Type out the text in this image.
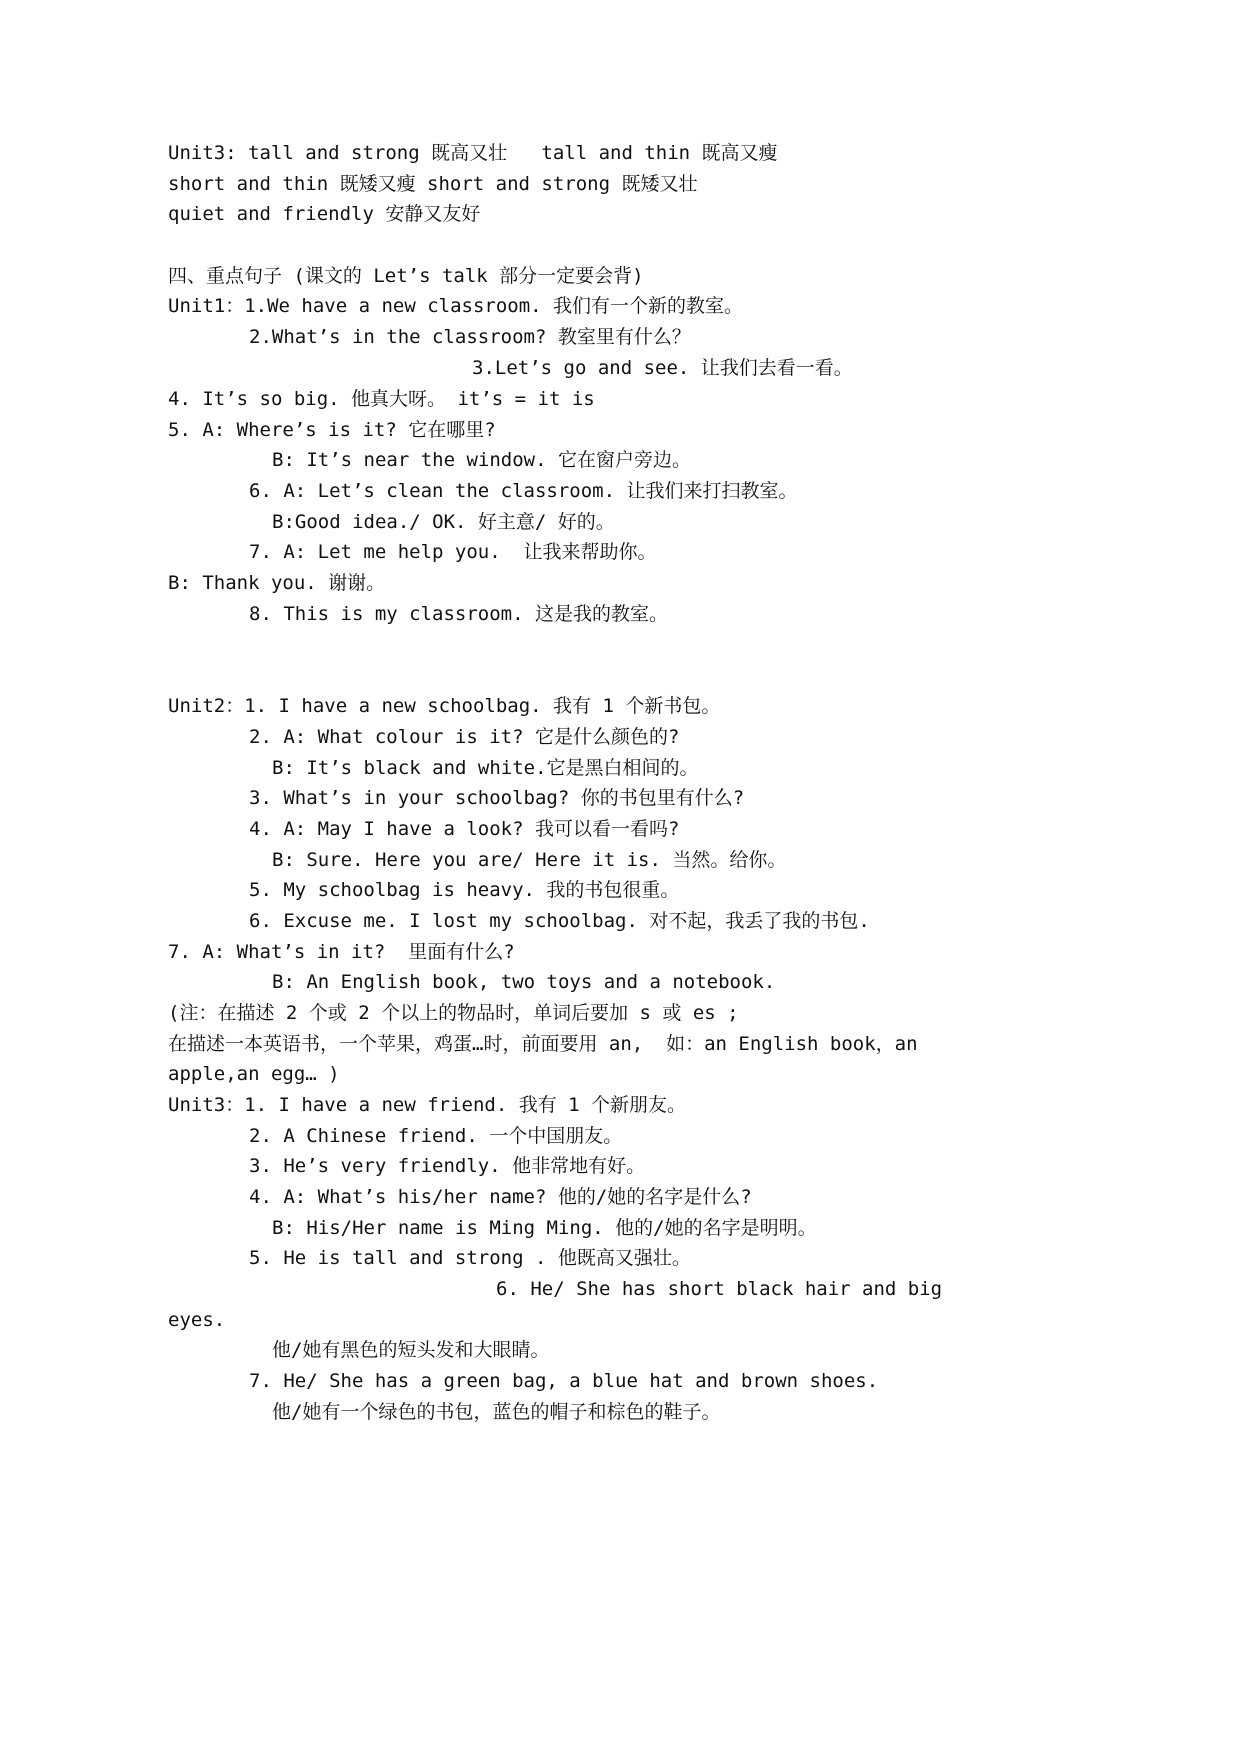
Unit3: tall and strong 既高又壮   tall and thin 既高又瘦
short and thin 既矮又瘦 short and strong 既矮又壮
quiet and friendly 安静又友好
四、重点句子 (课文的 Let’s talk 部分一定要会背)
Unit1：1.We have a new classroom. 我们有一个新的教室。
2.What’s in the classroom? 教室里有什么？
3.Let’s go and see. 让我们去看一看。
4. It’s so big. 他真大呀。 it’s = it is
5. A: Where’s is it? 它在哪里?
B: It’s near the window. 它在窗户旁边。
6. A: Let’s clean the classroom. 让我们来打扫教室。
B:Good idea./ OK. 好主意/ 好的。
7. A: Let me help you.  让我来帮助你。
B: Thank you. 谢谢。
8. This is my classroom. 这是我的教室。
Unit2：1. I have a new schoolbag. 我有 1 个新书包。
2. A: What colour is it? 它是什么颜色的?
B: It’s black and white.它是黑白相间的。
3. What’s in your schoolbag? 你的书包里有什么?
4. A: May I have a look? 我可以看一看吗?
B: Sure. Here you are/ Here it is. 当然。给你。
5. My schoolbag is heavy. 我的书包很重。
6. Excuse me. I lost my schoolbag. 对不起，我丢了我的书包.
7. A: What’s in it?  里面有什么?
B: An English book, two toys and a notebook.
(注：在描述 2 个或 2 个以上的物品时，单词后要加 s 或 es ;
在描述一本英语书，一个苹果，鸡蛋…时，前面要用 an,  如：an English book，an
apple,an egg… )
Unit3：1. I have a new friend. 我有 1 个新朋友。
2. A Chinese friend. 一个中国朋友。
3. He’s very friendly. 他非常地有好。
4. A: What’s his/her name? 他的/她的名字是什么?
B: His/Her name is Ming Ming. 他的/她的名字是明明。
5. He is tall and strong . 他既高又强壮。
6. He/ She has short black hair and big
eyes.
他/她有黑色的短头发和大眼睛。
7. He/ She has a green bag, a blue hat and brown shoes.
他/她有一个绿色的书包，蓝色的帽子和棕色的鞋子。
